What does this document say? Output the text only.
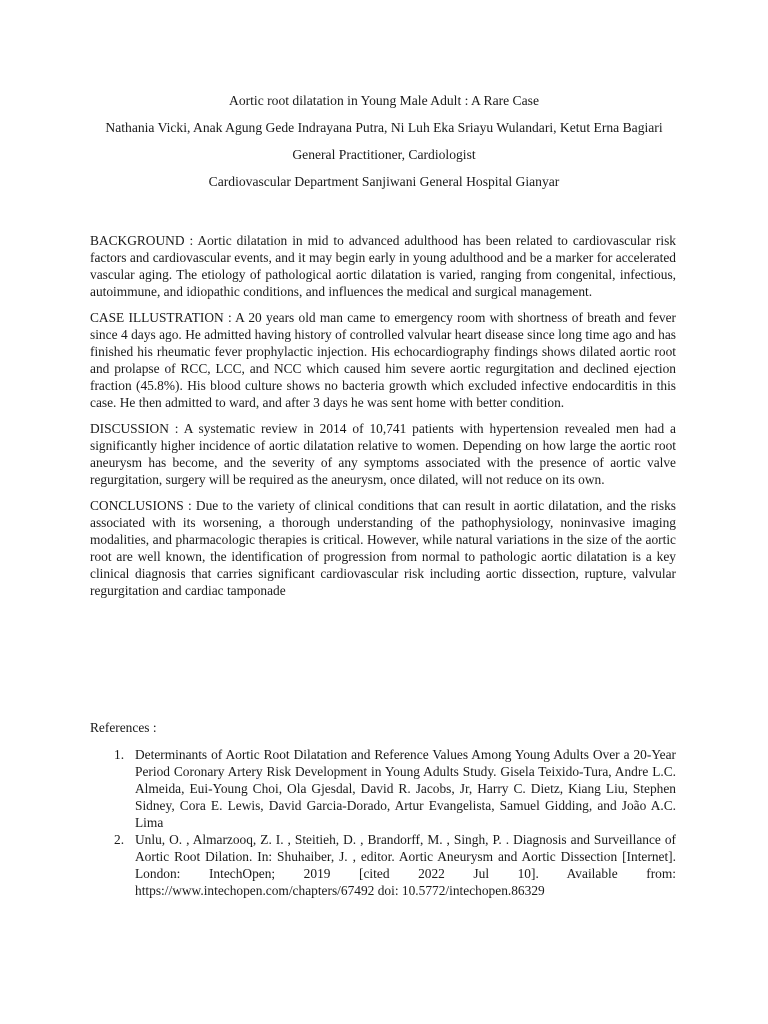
Aortic root dilatation in Young Male Adult : A Rare Case

Nathania Vicki, Anak Agung Gede Indrayana Putra, Ni Luh Eka Sriayu Wulandari, Ketut Erna Bagiari

General Practitioner, Cardiologist

Cardiovascular Department Sanjiwani General Hospital Gianyar

BACKGROUND : Aortic dilatation in mid to advanced adulthood has been related to cardiovascular risk factors and cardiovascular events, and it may begin early in young adulthood and be a marker for accelerated vascular aging. The etiology of pathological aortic dilatation is varied, ranging from congenital, infectious, autoimmune, and idiopathic conditions, and influences the medical and surgical management.

CASE ILLUSTRATION : A 20 years old man came to emergency room with shortness of breath and fever since 4 days ago. He admitted having history of controlled valvular heart disease since long time ago and has finished his rheumatic fever prophylactic injection. His echocardiography findings shows dilated aortic root and prolapse of RCC, LCC, and NCC which caused him severe aortic regurgitation and declined ejection fraction (45.8%). His blood culture shows no bacteria growth which excluded infective endocarditis in this case. He then admitted to ward, and after 3 days he was sent home with better condition.

DISCUSSION : A systematic review in 2014 of 10,741 patients with hypertension revealed men had a significantly higher incidence of aortic dilatation relative to women. Depending on how large the aortic root aneurysm has become, and the severity of any symptoms associated with the presence of aortic valve regurgitation, surgery will be required as the aneurysm, once dilated, will not reduce on its own.

CONCLUSIONS : Due to the variety of clinical conditions that can result in aortic dilatation, and the risks associated with its worsening, a thorough understanding of the pathophysiology, noninvasive imaging modalities, and pharmacologic therapies is critical. However, while natural variations in the size of the aortic root are well known, the identification of progression from normal to pathologic aortic dilatation is a key clinical diagnosis that carries significant cardiovascular risk including aortic dissection, rupture, valvular regurgitation and cardiac tamponade

References :
1. Determinants of Aortic Root Dilatation and Reference Values Among Young Adults Over a 20-Year Period Coronary Artery Risk Development in Young Adults Study. Gisela Teixido-Tura, Andre L.C. Almeida, Eui-Young Choi, Ola Gjesdal, David R. Jacobs, Jr, Harry C. Dietz, Kiang Liu, Stephen Sidney, Cora E. Lewis, David Garcia-Dorado, Artur Evangelista, Samuel Gidding, and João A.C. Lima
2. Unlu, O. , Almarzooq, Z. I. , Steitieh, D. , Brandorff, M. , Singh, P. . Diagnosis and Surveillance of Aortic Root Dilation. In: Shuhaiber, J. , editor. Aortic Aneurysm and Aortic Dissection [Internet]. London: IntechOpen; 2019 [cited 2022 Jul 10]. Available from: https://www.intechopen.com/chapters/67492 doi: 10.5772/intechopen.86329
